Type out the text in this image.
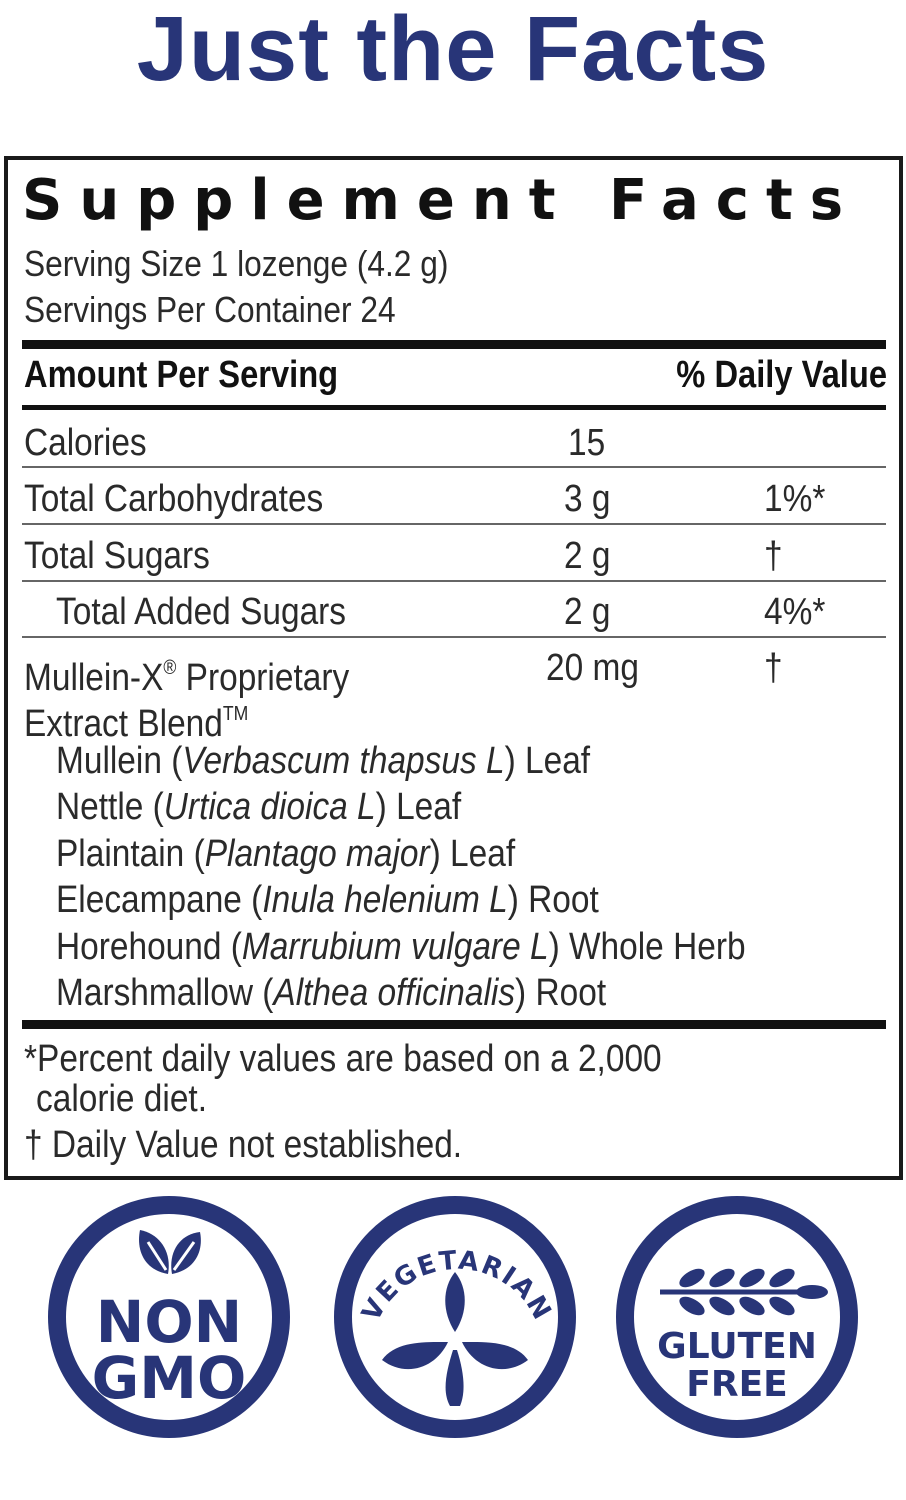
Just the Facts
Supplement Facts
Serving Size 1 lozenge (4.2 g)
Servings Per Container 24
Amount Per Serving	% Daily Value
Calories	15
Total Carbohydrates	3 g	1%*
Total Sugars	2 g	†
Total Added Sugars	2 g	4%*
Mullein-X® Proprietary	20 mg	†
Extract Blend™
Mullein (Verbascum thapsus L) Leaf
Nettle (Urtica dioica L) Leaf
Plaintain (Plantago major) Leaf
Elecampane (Inula helenium L) Root
Horehound (Marrubium vulgare L) Whole Herb
Marshmallow (Althea officinalis) Root
*Percent daily values are based on a 2,000
calorie diet.
† Daily Value not established.
NON
GMO
VEGETARIAN
GLUTEN
FREE
